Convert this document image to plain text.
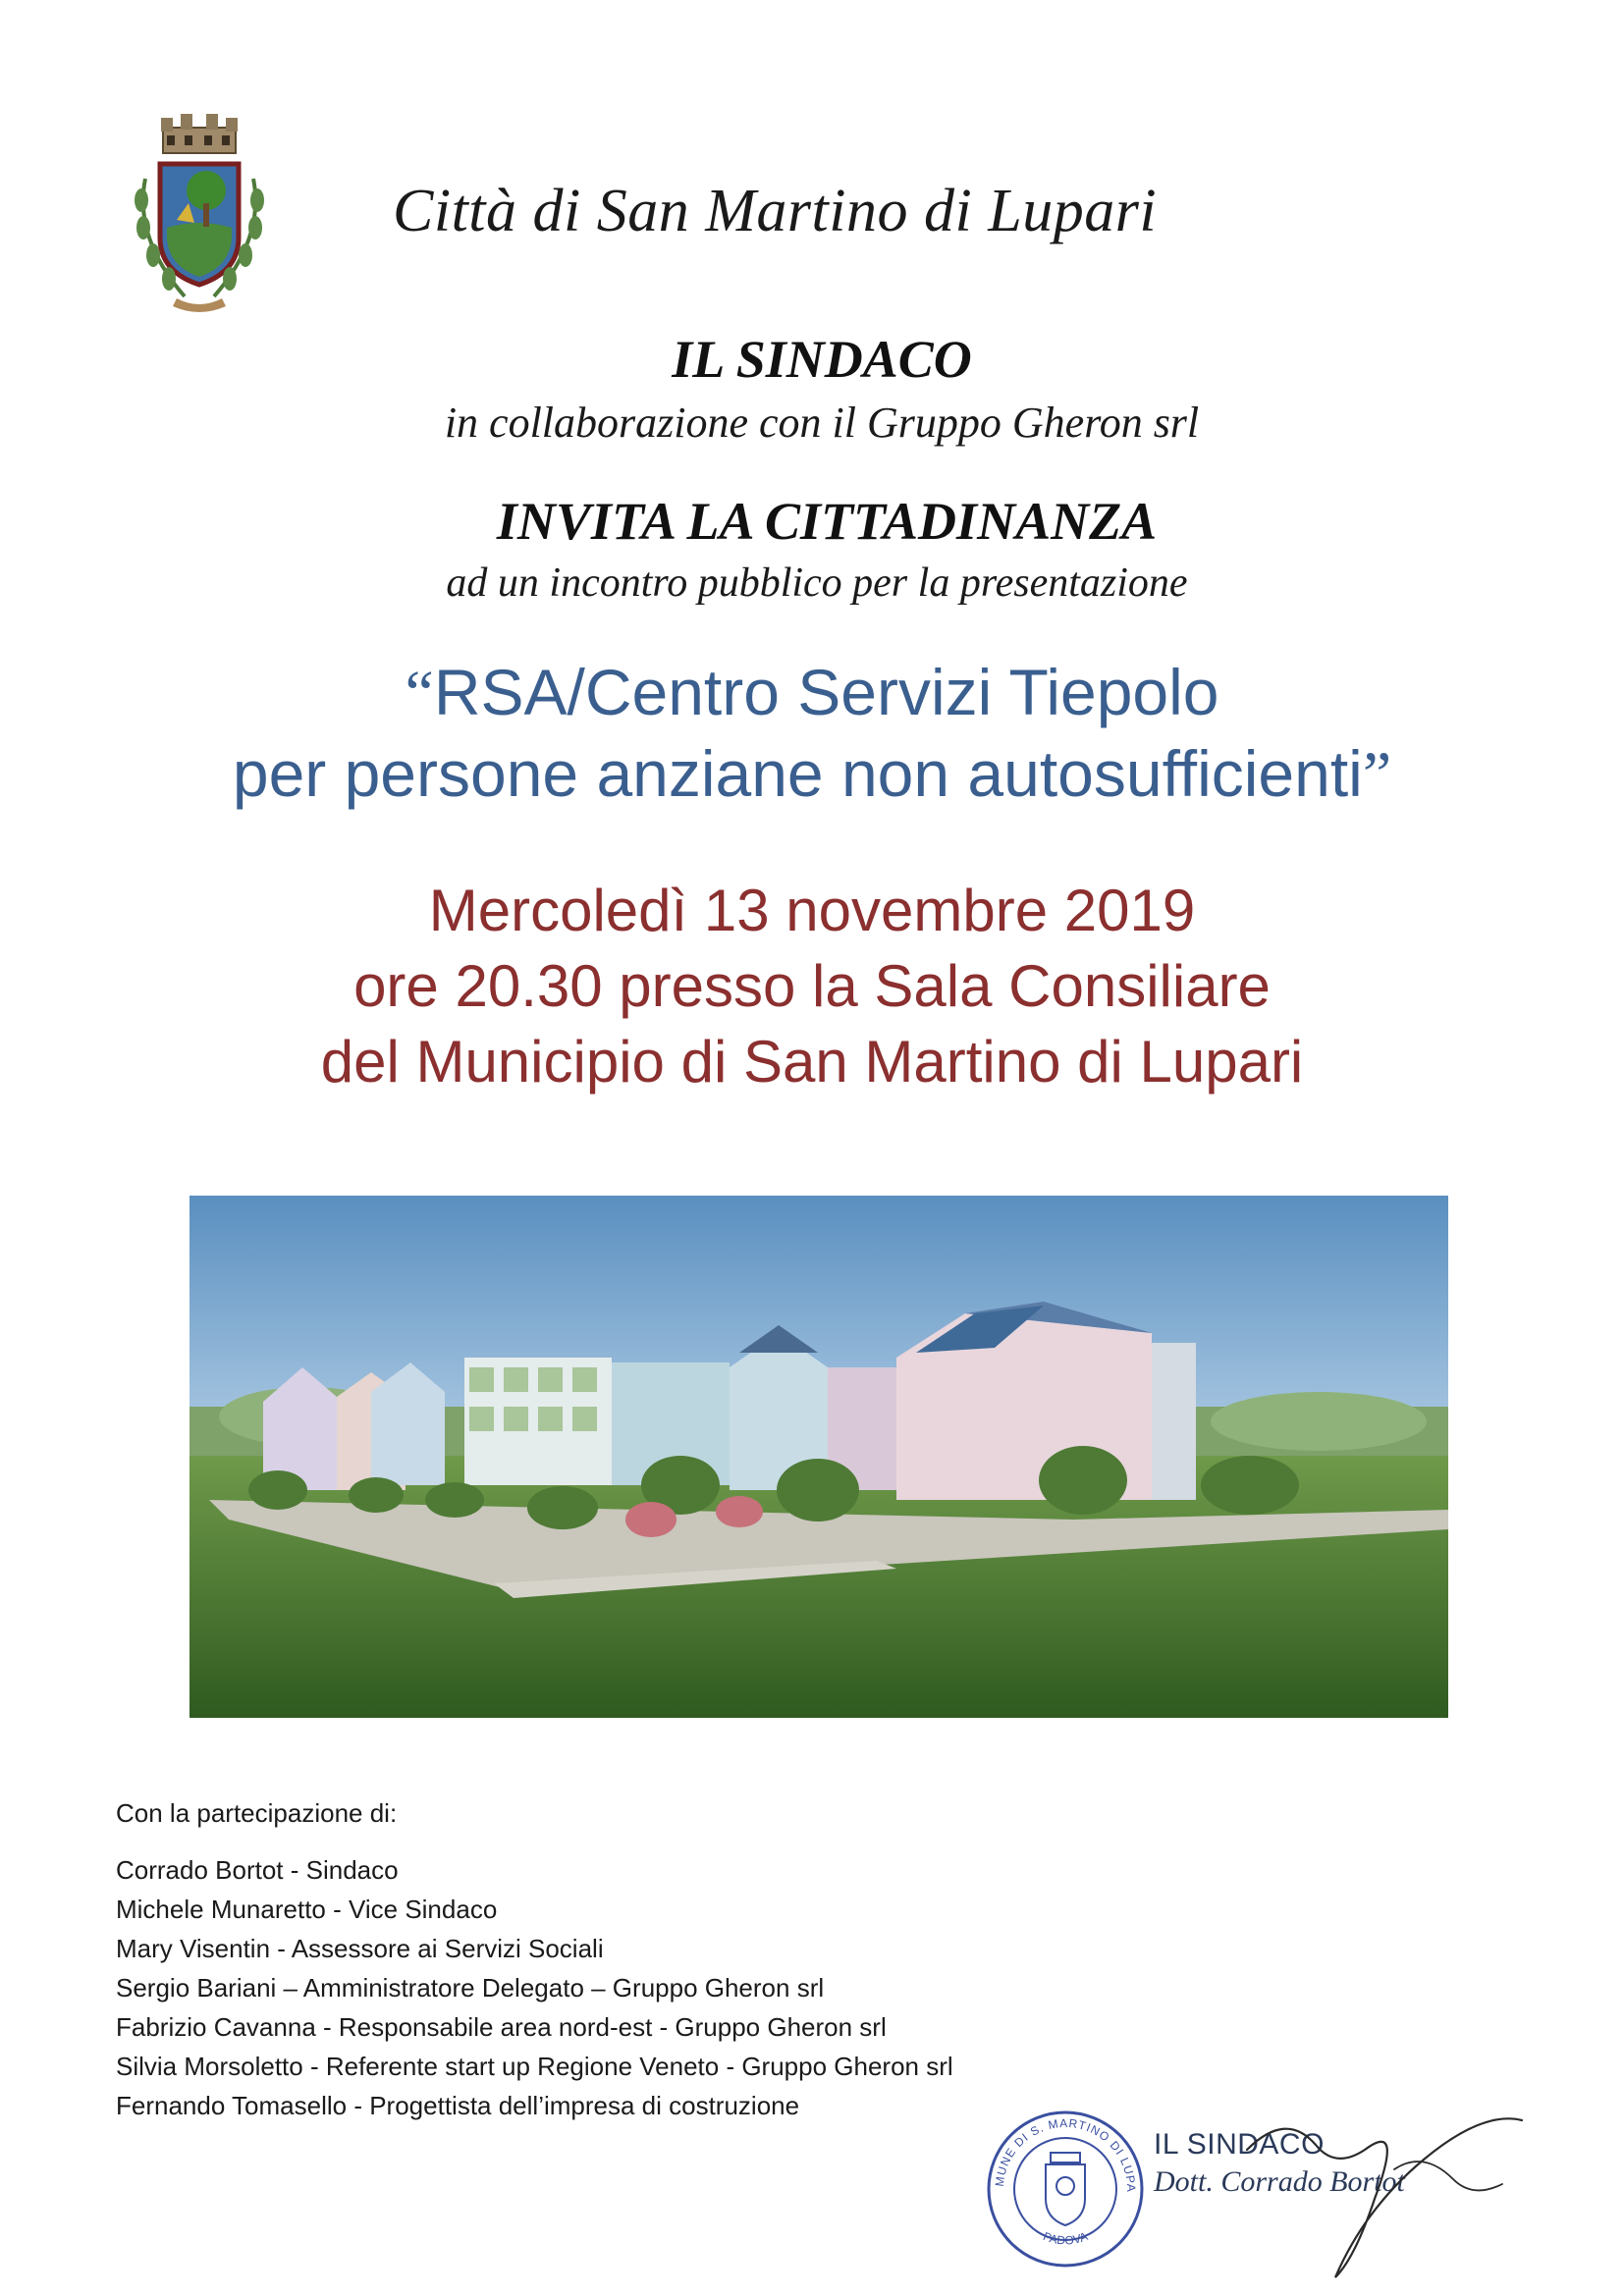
Città di San Martino di Lupari
IL SINDACO
in collaborazione con il Gruppo Gheron srl
INVITA LA CITTADINANZA
ad un incontro pubblico per la presentazione
“RSA/Centro Servizi Tiepolo
per persone anziane non autosufficienti”
Mercoledì 13 novembre 2019
ore 20.30 presso la Sala Consiliare
del Municipio di San Martino di Lupari
Con la partecipazione di:
Corrado Bortot - Sindaco
Michele Munaretto - Vice Sindaco
Mary Visentin - Assessore ai Servizi Sociali
Sergio Bariani – Amministratore Delegato – Gruppo Gheron srl
Fabrizio Cavanna - Responsabile area nord-est - Gruppo Gheron srl
Silvia Morsoletto - Referente start up Regione Veneto - Gruppo Gheron srl
Fernando Tomasello - Progettista dell’impresa di costruzione
MUNE DI S. MARTINO DI LUPA
PADOVA
IL SINDACO
Dott. Corrado Bortot
